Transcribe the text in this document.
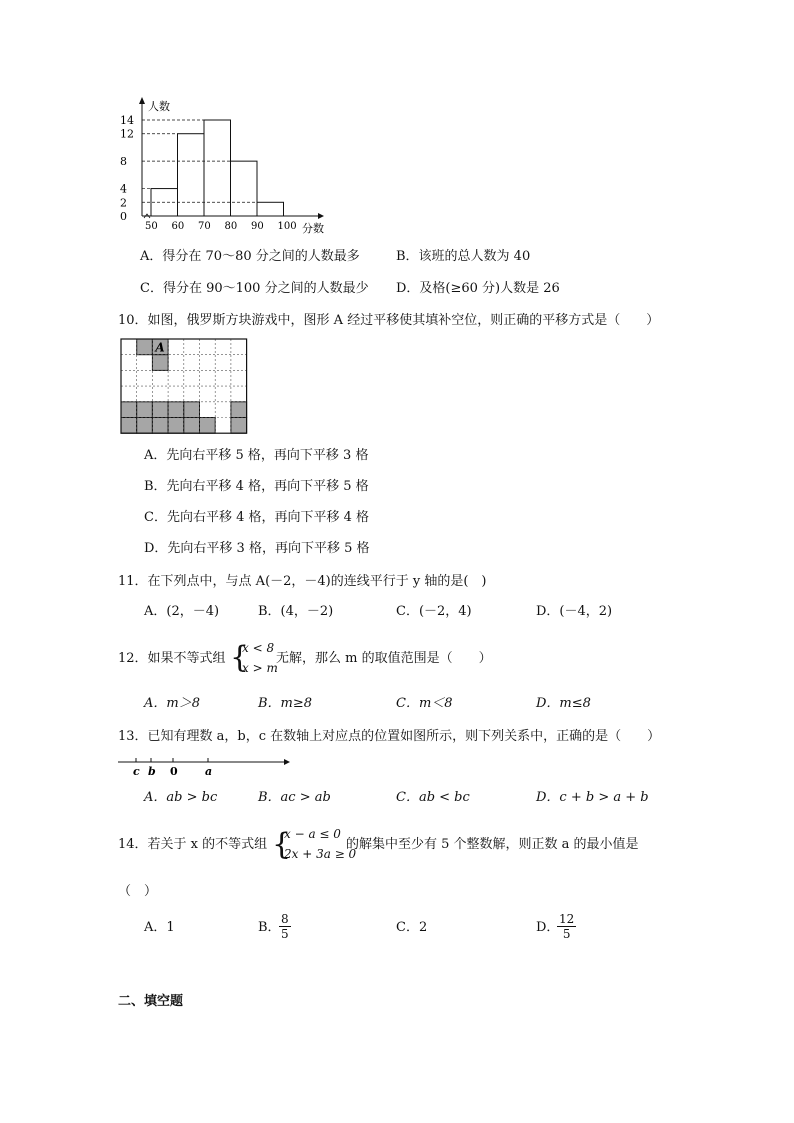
人数
分数
14
12
8
4
2
0
50 60 70 80 90 100
A．得分在 70～80 分之间的人数最多	B．该班的总人数为 40
C．得分在 90～100 分之间的人数最少 D．及格(≥60 分)人数是 26
10．如图，俄罗斯方块游戏中，图形 A 经过平移使其填补空位，则正确的平移方式是（　　）
A
A．先向右平移 5 格，再向下平移 3 格
B．先向右平移 4 格，再向下平移 5 格
C．先向右平移 4 格，再向下平移 4 格
D．先向右平移 3 格，再向下平移 5 格
11．在下列点中，与点 A(－2，－4)的连线平行于 y 轴的是(　)
A．(2，－4)	B．(4，－2)	C．(－2，4)	D．(－4，2)
12．如果不等式组 {
x < 8
x > m
无解，那么 m 的取值范围是（　　）
A．m＞8	B．m≥8	C．m＜8	D．m≤8
13．已知有理数 a，b，c 在数轴上对应点的位置如图所示，则下列关系中，正确的是（　　）
c b 0 a
A．ab > bc	B．ac > ab	C．ab < bc	D．c + b > a + b
14．若关于 x 的不等式组 {
x − a ≤ 0
2x + 3a ≥ 0
的解集中至少有 5 个整数解，则正数 a 的最小值是
（　）
A．1	B．
$\frac{8}{5}$	C．2	D．
$\frac{12}{5}$
二、填空题
